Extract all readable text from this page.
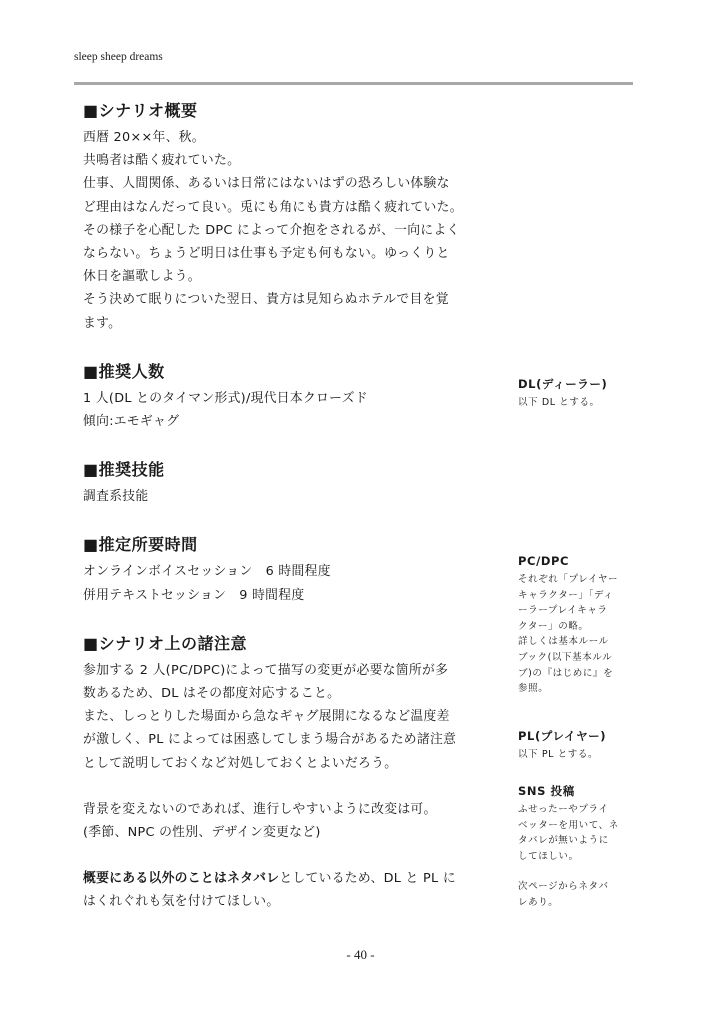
sleep sheep dreams
■シナリオ概要

西暦 20××年、秋。

共鳴者は酷く疲れていた。

仕事、人間関係、あるいは日常にはないはずの恐ろしい体験な

ど理由はなんだって良い。兎にも角にも貴方は酷く疲れていた。

その様子を心配した DPC によって介抱をされるが、一向によく

ならない。ちょうど明日は仕事も予定も何もない。ゆっくりと

休日を謳歌しよう。

そう決めて眠りについた翌日、貴方は見知らぬホテルで目を覚

ます。

■推奨人数

1 人(DL とのタイマン形式)/現代日本クローズド

傾向:エモギャグ

■推奨技能

調査系技能

■推定所要時間

オンラインボイスセッション　6 時間程度

併用テキストセッション　9 時間程度

■シナリオ上の諸注意

参加する 2 人(PC/DPC)によって描写の変更が必要な箇所が多

数あるため、DL はその都度対応すること。

また、しっとりした場面から急なギャグ展開になるなど温度差

が激しく、PL によっては困惑してしまう場合があるため諸注意

として説明しておくなど対処しておくとよいだろう。

背景を変えないのであれば、進行しやすいように改変は可。

(季節、NPC の性別、デザイン変更など)

概要にある以外のことはネタバレとしているため、DL と PL に

はくれぐれも気を付けてほしい。

DL(ディーラー)

以下 DL とする。

PC/DPC

それぞれ「プレイヤー

キャラクター」「ディ

ーラープレイキャラ

クター」の略。

詳しくは基本ルール

ブック(以下基本ルル

ブ)の『はじめに』を

参照。

PL(プレイヤー)

以下 PL とする。

SNS 投稿

ふせったーやプライ

ベッターを用いて、ネ

タバレが無いように

してほしい。

次ページからネタバ

レあり。

- 40 -
